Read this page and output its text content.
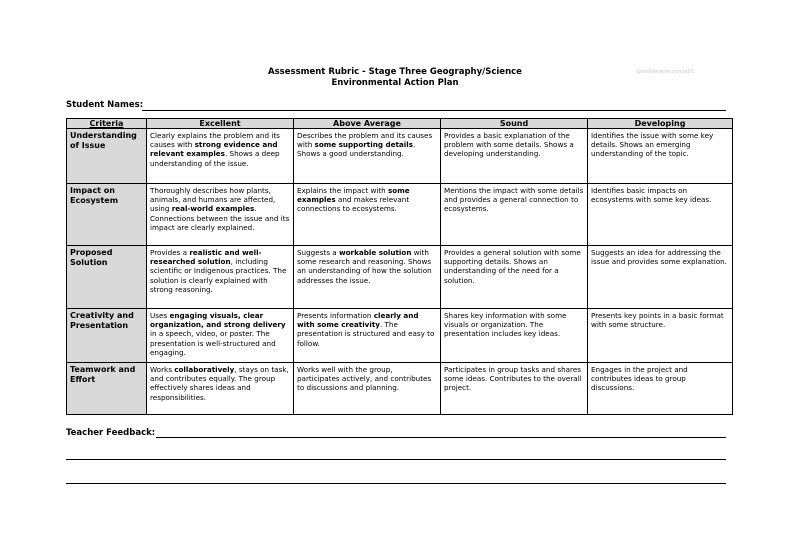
Assessment Rubric - Stage Three Geography/Science
Environmental Action Plan
@stellamariecorinna01
Student Names:
Criteria	Excellent	Above Average	Sound	Developing
Understanding of Issue	Clearly explains the problem and its causes with strong evidence and relevant examples. Shows a deep understanding of the issue.	Describes the problem and its causes with some supporting details. Shows a good understanding.	Provides a basic explanation of the problem with some details. Shows a developing understanding.	Identifies the issue with some key details. Shows an emerging understanding of the topic.
Impact on Ecosystem	Thoroughly describes how plants, animals, and humans are affected, using real-world examples. Connections between the issue and its impact are clearly explained.	Explains the impact with some examples and makes relevant connections to ecosystems.	Mentions the impact with some details and provides a general connection to ecosystems.	Identifies basic impacts on ecosystems with some key ideas.
Proposed Solution	Provides a realistic and well-researched solution, including scientific or Indigenous practices. The solution is clearly explained with strong reasoning.	Suggests a workable solution with some research and reasoning. Shows an understanding of how the solution addresses the issue.	Provides a general solution with some supporting details. Shows an understanding of the need for a solution.	Suggests an idea for addressing the issue and provides some explanation.
Creativity and Presentation	Uses engaging visuals, clear organization, and strong delivery in a speech, video, or poster. The presentation is well-structured and engaging.	Presents information clearly and with some creativity. The presentation is structured and easy to follow.	Shares key information with some visuals or organization. The presentation includes key ideas.	Presents key points in a basic format with some structure.
Teamwork and Effort	Works collaboratively, stays on task, and contributes equally. The group effectively shares ideas and responsibilities.	Works well with the group, participates actively, and contributes to discussions and planning.	Participates in group tasks and shares some ideas. Contributes to the overall project.	Engages in the project and contributes ideas to group discussions.
Teacher Feedback:
